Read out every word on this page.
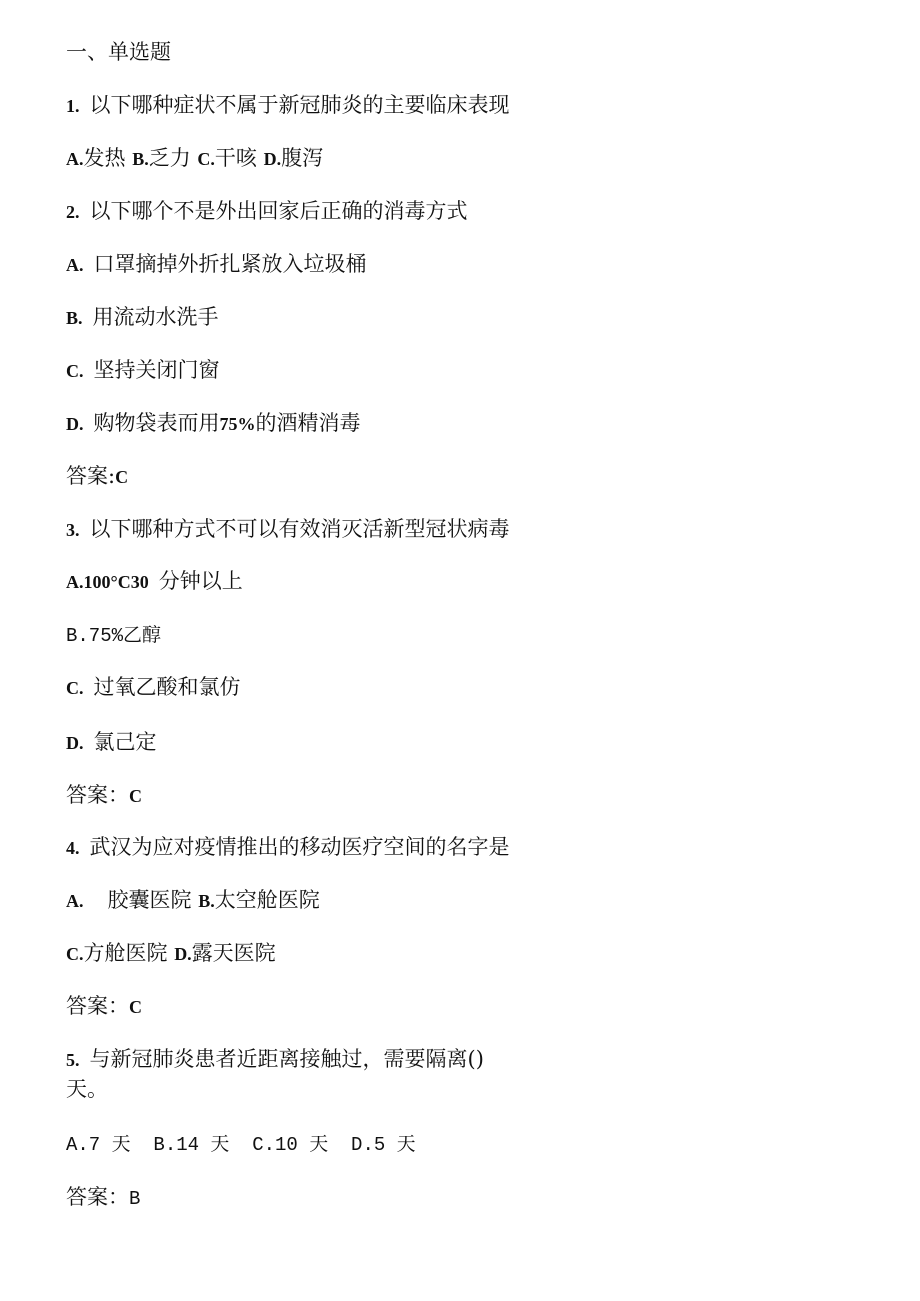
一、单选题
1. 以下哪种症状不属于新冠肺炎的主要临床表现
A.发热 B.乏力 C.干咳 D.腹泻
2. 以下哪个不是外出回家后正确的消毒方式
A. 口罩摘掉外折扎紧放入垃圾桶
B. 用流动水洗手
C. 坚持关闭门窗
D. 购物袋表而用75%的酒精消毒
答案:C
3. 以下哪种方式不可以有效消灭活新型冠状病毒
A.100°C30 分钟以上
B.75%乙醇
C. 过氧乙酸和氯仿
D. 氯己定
答案：C
4. 武汉为应对疫情推出的移动医疗空间的名字是
A. 胶囊医院 B.太空舱医院
C.方舱医院 D.露天医院
答案：C
5. 与新冠肺炎患者近距离接触过，需要隔离()
天。
A.7 天  B.14 天  C.10 天  D.5 天
答案：B
